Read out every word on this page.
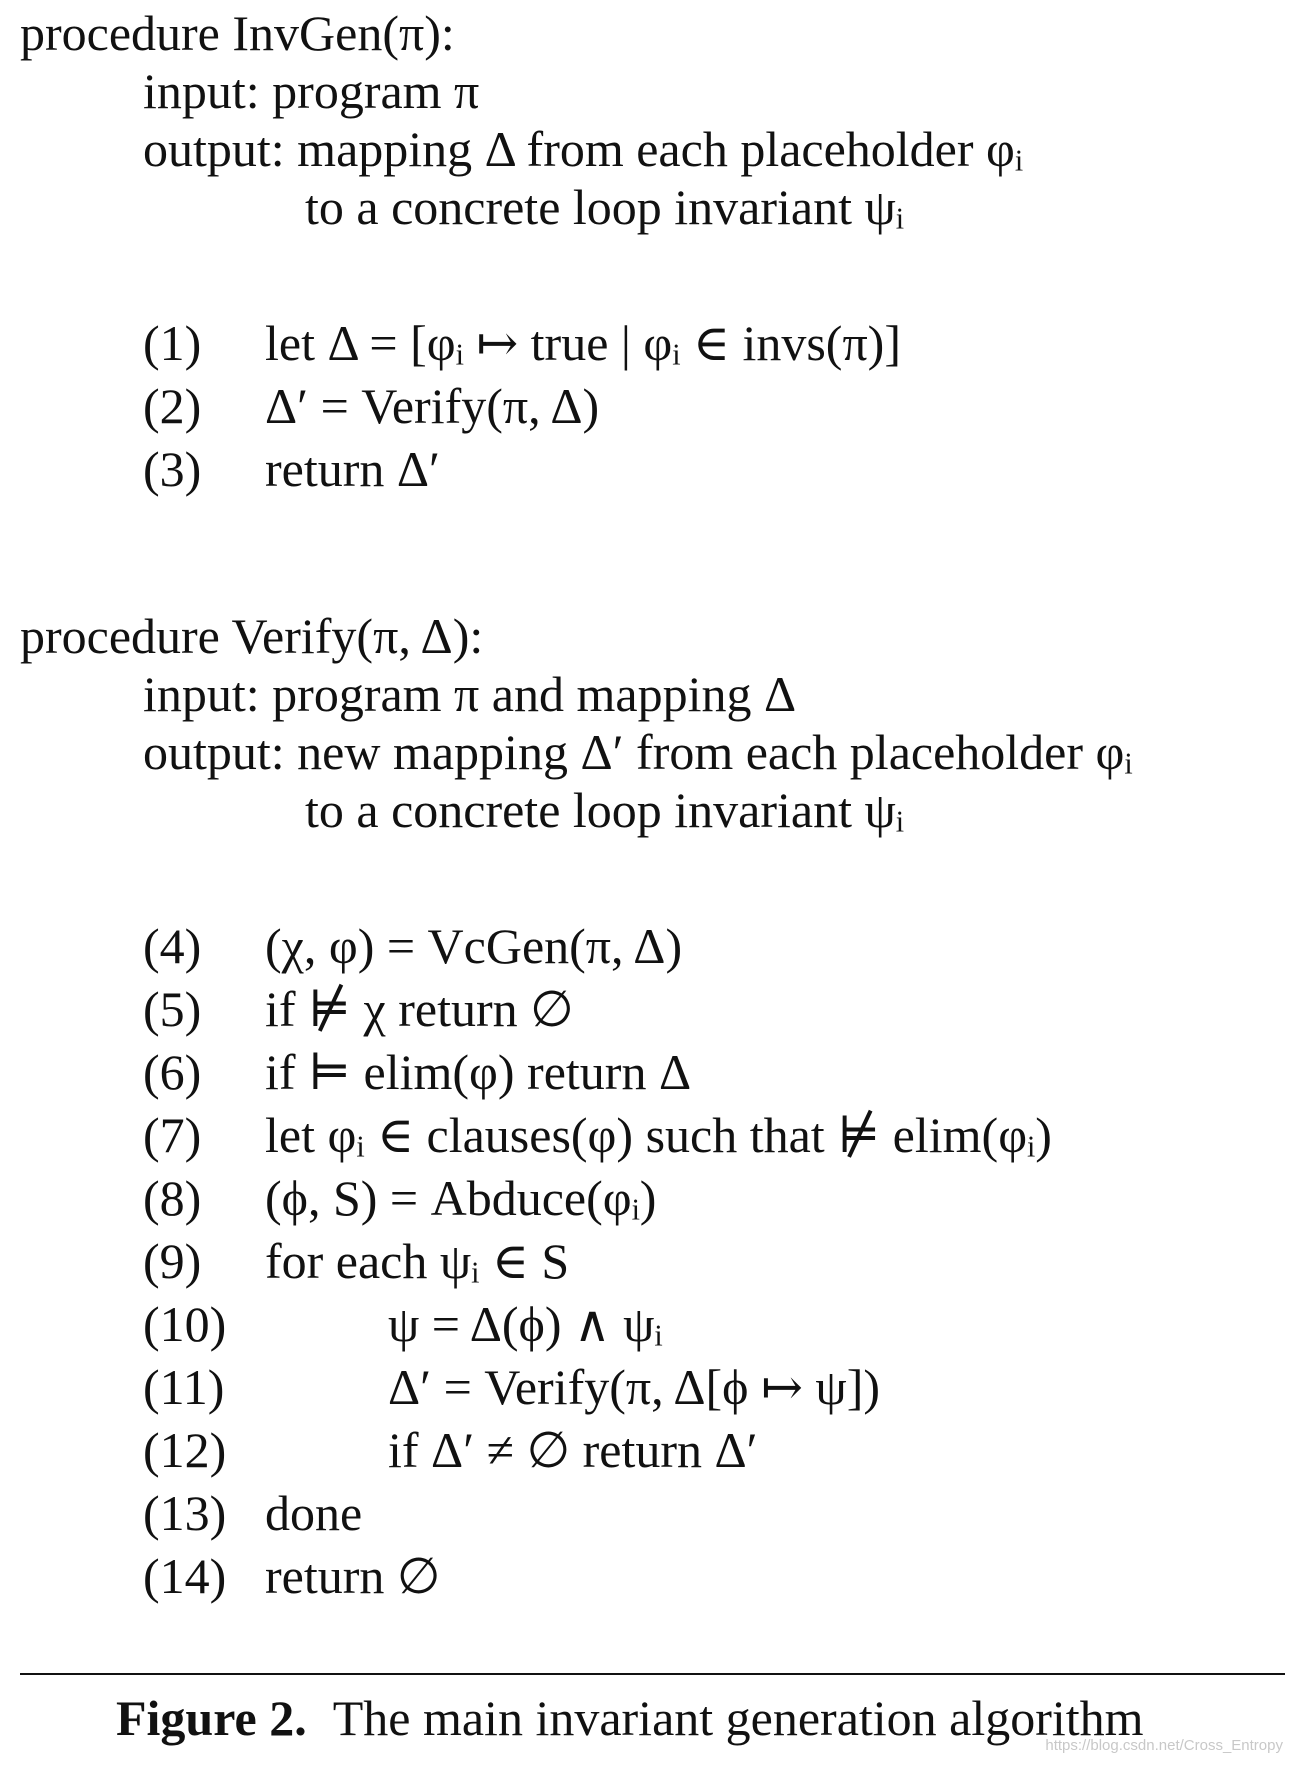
procedure InvGen(π):
input: program π
output: mapping Δ from each placeholder φᵢ
to a concrete loop invariant ψᵢ
(1) let Δ = [φᵢ ↦ true | φᵢ ∈ invs(π)]
(2) Δ′ = Verify(π, Δ)
(3) return Δ′
procedure Verify(π, Δ):
input: program π and mapping Δ
output: new mapping Δ′ from each placeholder φᵢ
to a concrete loop invariant ψᵢ
(4) (χ, φ) = VcGen(π, Δ)
(5) if ⊭ χ return ∅
(6) if ⊨ elim(φ) return Δ
(7) let φᵢ ∈ clauses(φ) such that ⊭ elim(φᵢ)
(8) (ϕ, S) = Abduce(φᵢ)
(9) for each ψᵢ ∈ S
(10)	ψ = Δ(ϕ) ∧ ψᵢ
(11)	Δ′ = Verify(π, Δ[ϕ ↦ ψ])
(12)	if Δ′ ≠ ∅ return Δ′
(13) done
(14) return ∅
Figure 2. The main invariant generation algorithm
https://blog.csdn.net/Cross_Entropy
